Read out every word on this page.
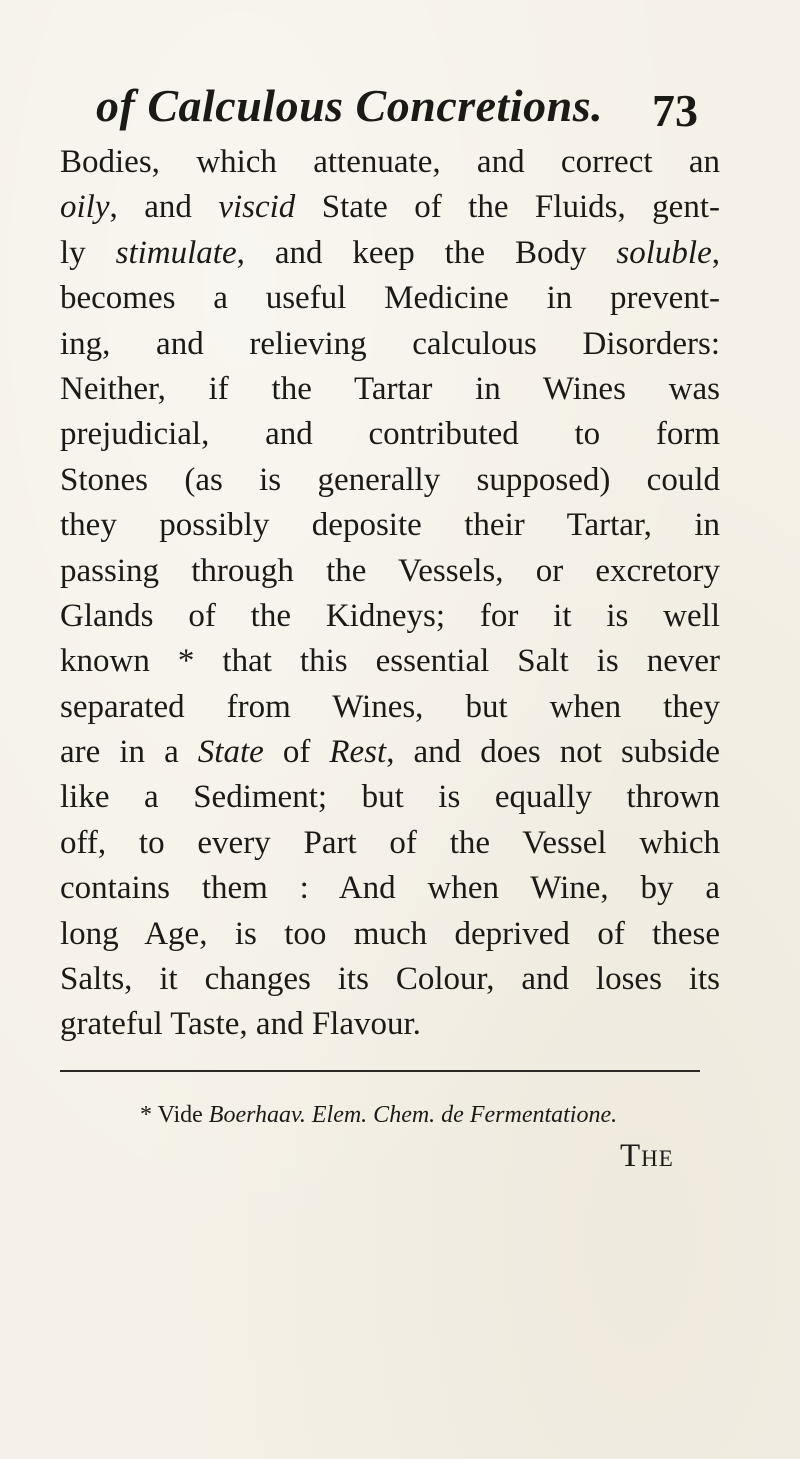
of Calculous Concretions. 73
Bodies, which attenuate, and correct an
oily, and viscid State of the Fluids, gent-
ly stimulate, and keep the Body soluble,
becomes a useful Medicine in prevent-
ing, and relieving calculous Disorders:
Neither, if the Tartar in Wines was
prejudicial, and contributed to form
Stones (as is generally supposed) could
they possibly deposite their Tartar, in
passing through the Vessels, or excretory
Glands of the Kidneys; for it is well
known * that this essential Salt is never
separated from Wines, but when they
are in a State of Rest, and does not subside
like a Sediment; but is equally thrown
off, to every Part of the Vessel which
contains them : And when Wine, by a
long Age, is too much deprived of these
Salts, it changes its Colour, and loses its
grateful Taste, and Flavour.
* Vide Boerhaav. Elem. Chem. de Fermentatione.
The
